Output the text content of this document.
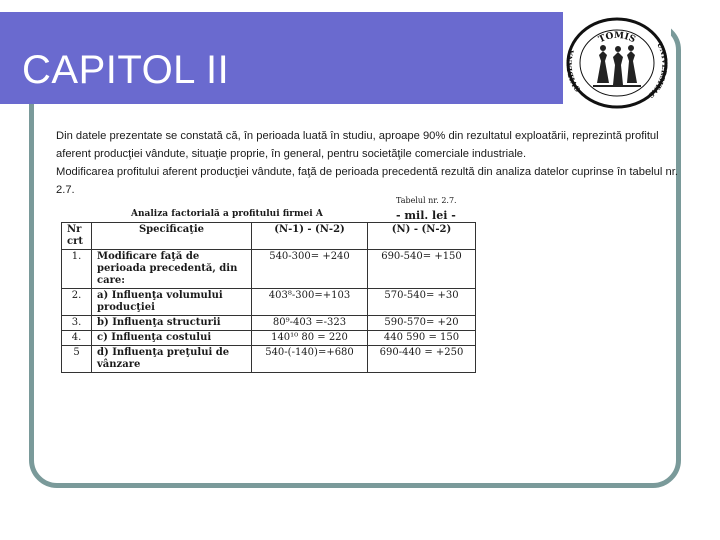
CAPITOL II
TOMIS
OVIDIANA
UNIVERSITAS

Din datele prezentate se constată că, în perioada luată în studiu, aproape 90% din rezultatul exploatării, reprezintă profitul aferent producţiei vândute, situaţie proprie, în general, pentru societăţile comerciale industriale.

Modificarea profitului aferent producţiei vândute, faţă de perioada precedentă rezultă din analiza datelor cuprinse în tabelul nr. 2.7.

Tabelul nr. 2.7.
Analiza factorială a profitului firmei A	- mil. lei -
Nr crt	Specificaţie	(N-1) - (N-2)	(N) - (N-2)
1.	Modificare faţă de perioada precedentă, din care:	540-300= +240	690-540= +150
2.	a) Influenţa volumului producţiei	403⁸-300=+103	570-540= +30
3.	b) Influenţa structurii	80⁹-403 =-323	590-570= +20
4.	c) Influenţa costului	140¹⁰ 80 = 220	440 590 = 150
5	d) Influenţa preţului de vânzare	540-(-140)=+680	690-440 = +250
